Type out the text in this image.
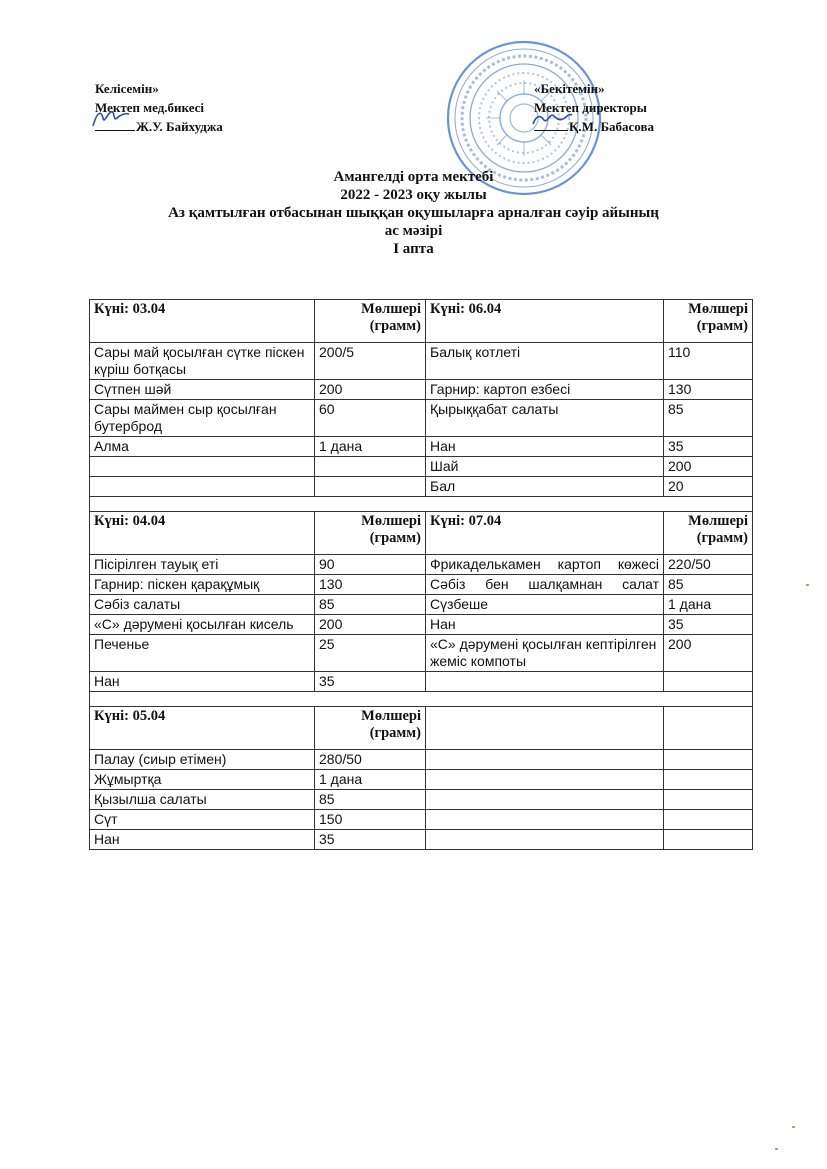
Келісемін»
Мектеп мед.бикесі
Ж.У. Байхуджа
«Бекітемін»
Мектеп директоры
Қ.М. Бабасова
Амангелді орта мектебі
2022 - 2023 оқу жылы
Аз қамтылған отбасынан шыққан оқушыларға арналған сәуір айының
ас мәзірі
I апта
Күні: 03.04	Мөлшері (грамм)	Күні: 06.04	Мөлшері (грамм)
Сары май қосылған сүтке піскен күріш ботқасы	200/5	Балық котлеті	110
Сүтпен шәй	200	Гарнир: картоп езбесі	130
Сары маймен сыр қосылған бутерброд	60	Қырыққабат салаты	85
Алма	1 дана	Нан	35
		Шай	200
		Бал	20

Күні: 04.04	Мөлшері (грамм)	Күні: 07.04	Мөлшері (грамм)
Пісірілген тауық еті	90	Фрикаделькамен картоп көжесі	220/50
Гарнир: піскен қарақұмық	130	Сәбіз бен шалқамнан салат	85
Сәбіз салаты	85	Сүзбеше	1 дана
«С» дәрумені қосылған кисель	200	Нан	35
Печенье	25	«С» дәрумені қосылған кептірілген жеміс компоты	200
Нан	35		

Күні: 05.04	Мөлшері (грамм)		
Палау (сиыр етімен)	280/50		
Жұмыртқа	1 дана		
Қызылша салаты	85		
Сүт	150		
Нан	35		
